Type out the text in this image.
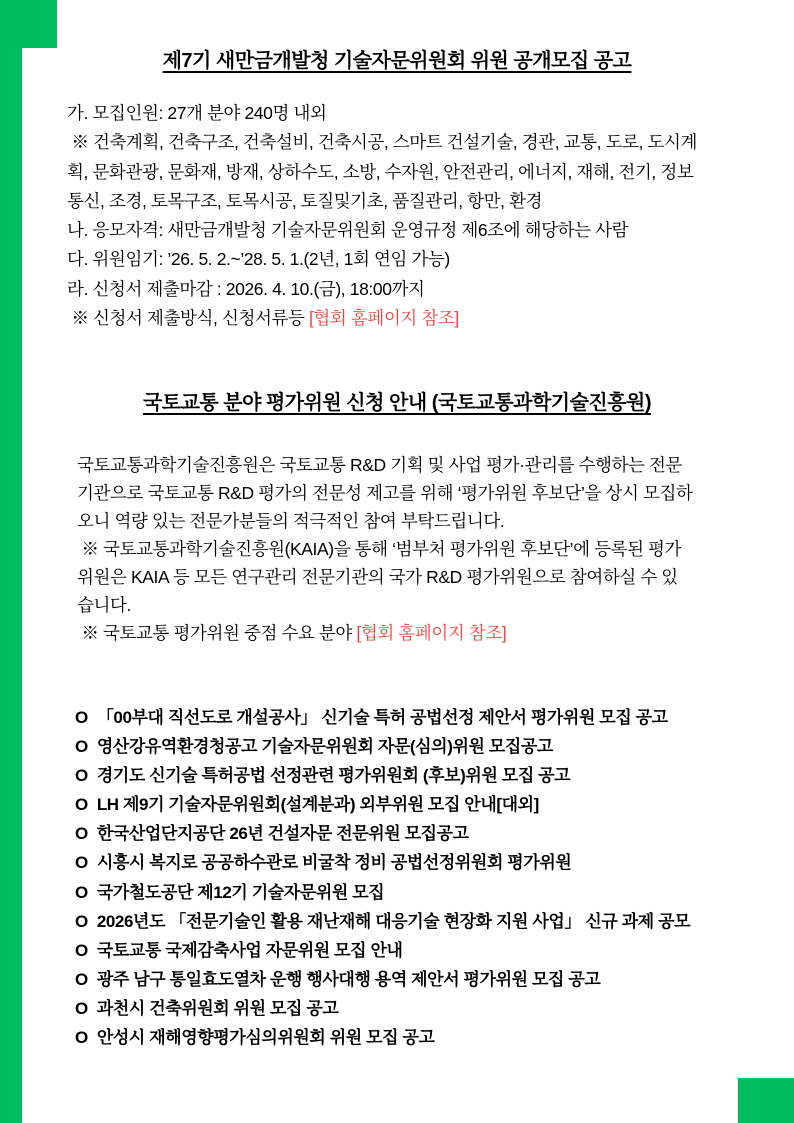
제7기 새만금개발청 기술자문위원회 위원 공개모집 공고
가. 모집인원: 27개 분야 240명 내외
※ 건축계획, 건축구조, 건축설비, 건축시공, 스마트 건설기술, 경관, 교통, 도로, 도시계
획, 문화관광, 문화재, 방재, 상하수도, 소방, 수자원, 안전관리, 에너지, 재해, 전기, 정보
통신, 조경, 토목구조, 토목시공, 토질및기초, 품질관리, 항만, 환경
나. 응모자격: 새만금개발청 기술자문위원회 운영규정 제6조에 해당하는 사람
다. 위원임기: ’26. 5. 2.~’28. 5. 1.(2년, 1회 연임 가능)
라. 신청서 제출마감 : 2026. 4. 10.(금), 18:00까지
※ 신청서 제출방식, 신청서류등 [협회 홈페이지 참조]
국토교통 분야 평가위원 신청 안내 (국토교통과학기술진흥원)
국토교통과학기술진흥원은 국토교통 R&D 기획 및 사업 평가·관리를 수행하는 전문
기관으로 국토교통 R&D 평가의 전문성 제고를 위해 ‘평가위원 후보단’을 상시 모집하
오니 역량 있는 전문가분들의 적극적인 참여 부탁드립니다.
※ 국토교통과학기술진흥원(KAIA)을 통해 ‘범부처 평가위원 후보단’에 등록된 평가
위원은 KAIA 등 모든 연구관리 전문기관의 국가 R&D 평가위원으로 참여하실 수 있
습니다.
※ 국토교통 평가위원 중점 수요 분야 [협회 홈페이지 참조]
O 「00부대 직선도로 개설공사」 신기술 특허 공법선정 제안서 평가위원 모집 공고
O 영산강유역환경청공고 기술자문위원회 자문(심의)위원 모집공고
O 경기도 신기술 특허공법 선정관련 평가위원회 (후보)위원 모집 공고
O LH 제9기 기술자문위원회(설계분과) 외부위원 모집 안내[대외]
O 한국산업단지공단 26년 건설자문 전문위원 모집공고
O 시흥시 복지로 공공하수관로 비굴착 정비 공법선정위원회 평가위원
O 국가철도공단 제12기 기술자문위원 모집
O 2026년도 「전문기술인 활용 재난재해 대응기술 현장화 지원 사업」 신규 과제 공모
O 국토교통 국제감축사업 자문위원 모집 안내
O 광주 남구 통일효도열차 운행 행사대행 용역 제안서 평가위원 모집 공고
O 과천시 건축위원회 위원 모집 공고
O 안성시 재해영향평가심의위원회 위원 모집 공고
